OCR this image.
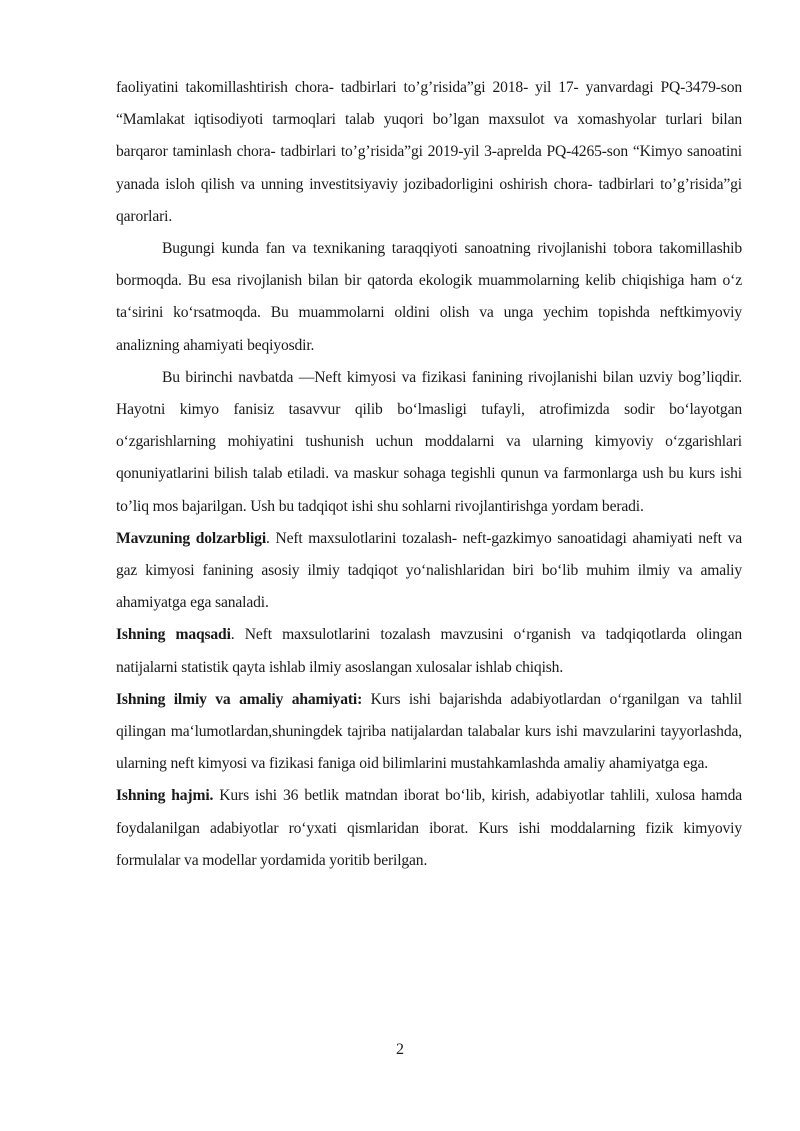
faoliyatini takomillashtirish chora- tadbirlari to’g’risida”gi 2018- yil 17- yanvardagi PQ-3479-son “Mamlakat iqtisodiyoti tarmoqlari talab yuqori bo’lgan maxsulot va xomashyolar turlari bilan barqaror taminlash chora- tadbirlari to’g’risida”gi 2019-yil 3-aprelda PQ-4265-son “Kimyo sanoatini yanada isloh qilish va unning investitsiyaviy jozibadorligini oshirish chora- tadbirlari to’g’risida”gi qarorlari.

Bugungi kunda fan va texnikaning taraqqiyoti sanoatning rivojlanishi tobora takomillashib bormoqda. Bu esa rivojlanish bilan bir qatorda ekologik muammolarning kelib chiqishiga ham o‘z ta‘sirini ko‘rsatmoqda. Bu muammolarni oldini olish va unga yechim topishda neftkimyoviy analizning ahamiyati beqiyosdir.

Bu birinchi navbatda ―Neft kimyosi va fizikasi fanining rivojlanishi bilan uzviy bog’liqdir. Hayotni kimyo fanisiz tasavvur qilib bo‘lmasligi tufayli, atrofimizda sodir bo‘layotgan o‘zgarishlarning mohiyatini tushunish uchun moddalarni va ularning kimyoviy o‘zgarishlari qonuniyatlarini bilish talab etiladi. va maskur sohaga tegishli qunun va farmonlarga ush bu kurs ishi to’liq mos bajarilgan. Ush bu tadqiqot ishi shu sohlarni rivojlantirishga yordam beradi.

Mavzuning dolzarbligi. Neft maxsulotlarini tozalash- neft-gazkimyo sanoatidagi ahamiyati neft va gaz kimyosi fanining asosiy ilmiy tadqiqot yo‘nalishlaridan biri bo‘lib muhim ilmiy va amaliy ahamiyatga ega sanaladi.

Ishning maqsadi. Neft maxsulotlarini tozalash mavzusini o‘rganish va tadqiqotlarda olingan natijalarni statistik qayta ishlab ilmiy asoslangan xulosalar ishlab chiqish.

Ishning ilmiy va amaliy ahamiyati: Kurs ishi bajarishda adabiyotlardan o‘rganilgan va tahlil qilingan ma‘lumotlardan,shuningdek tajriba natijalardan talabalar kurs ishi mavzularini tayyorlashda, ularning neft kimyosi va fizikasi faniga oid bilimlarini mustahkamlashda amaliy ahamiyatga ega.

Ishning hajmi. Kurs ishi 36 betlik matndan iborat bo‘lib, kirish, adabiyotlar tahlili, xulosa hamda foydalanilgan adabiyotlar ro‘yxati qismlaridan iborat. Kurs ishi moddalarning fizik kimyoviy formulalar va modellar yordamida yoritib berilgan.

2
